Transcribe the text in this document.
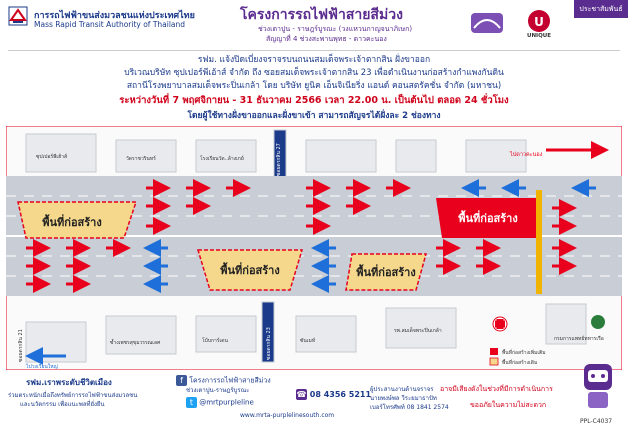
การรถไฟฟ้าขนส่งมวลชนแห่งประเทศไทย
Mass Rapid Transit Authority of Thailand
โครงการรถไฟฟ้าสายสีม่วง
ช่วงเตาปูน - ราษฎร์บูรณะ (วงแหวนกาญจนาภิเษก)
สัญญาที่ 4 ช่วงสะพานพุทธ - ดาวคะนอง
U
UNIQUE
ประชาสัมพันธ์
รฟม. แจ้งปิดเบี่ยงจราจรบนถนนสมเด็จพระเจ้าตากสิน ฝั่งขาออก
บริเวณบริษัท ซุปเปอร์พีเอ้าส์ จำกัด ถึง ซอยสมเด็จพระเจ้าตากสิน 23 เพื่อดำเนินงานก่อสร้างกำแพงกันดิน
สถานีโรงพยาบาลสมเด็จพระปิ่นเกล้า โดย บริษัท ยูนิค เอ็นจิเนียริ่ง แอนด์ คอนสตรัคชั่น จำกัด (มหาชน)
ระหว่างวันที่ 7 พฤศจิกายน - 31 ธันวาคม 2566 เวลา 22.00 น. เป็นต้นไป ตลอด 24 ชั่วโมง
โดยผู้ใช้ทางฝั่งขาออกและฝั่งขาเข้า สามารถสัญจรได้ฝั่งละ 2 ช่องทาง
พื้นที่ก่อสร้าง
พื้นที่ก่อสร้าง	พื้นที่ก่อสร้าง
พื้นที่ก่อสร้าง
ซุปเปอร์พีเฮ้าส์	วัดราชวรินทร์	โรงเรียนวัด..ล้างเกย์	ซอยตากสิน 27	ไปดาวคะนอง
ซอยตากสิน 21	ซ้ำงเพชรสุขุมวรรณเลศ	โบ้บการ์เดน	ซอยตากสิน 23	ซันเมท์
รพ.สมเด็จพระปิ่นเกล้า
กรมการแพทย์ทหารเรือ
ไปวงเวียนใหญ่
พื้นที่ก่อสร้างเพิ่มเติม
พื้นที่ก่อสร้างเดิม
รฟม.เราพระตับชีวิตเมือง
ร่วมตระหนักเมื่อถึงทรัพย์การรถไฟฟ้าขนส่งมวลชน
และนวัตกรรม เพื่อแนะพลที่ยั่งยืน
f โครงการรถไฟฟ้าสายสีม่วง
ช่วงเตาปูน-ราษฎร์บูรณะ
t @mrtpurpleline
☎ 08 4356 5211
www.mrta-purplelinesouth.com
ผู้ประสานงานด้านจราจร
นายพงษ์พล วีระยมาธาปัท
เบอร์โทรศัพท์ 08 1841 2574
อาจมีเสียงดังในช่วงที่มีการดำเนินการ
ขออภัยในความไม่สะดวก
PPL-C4037
